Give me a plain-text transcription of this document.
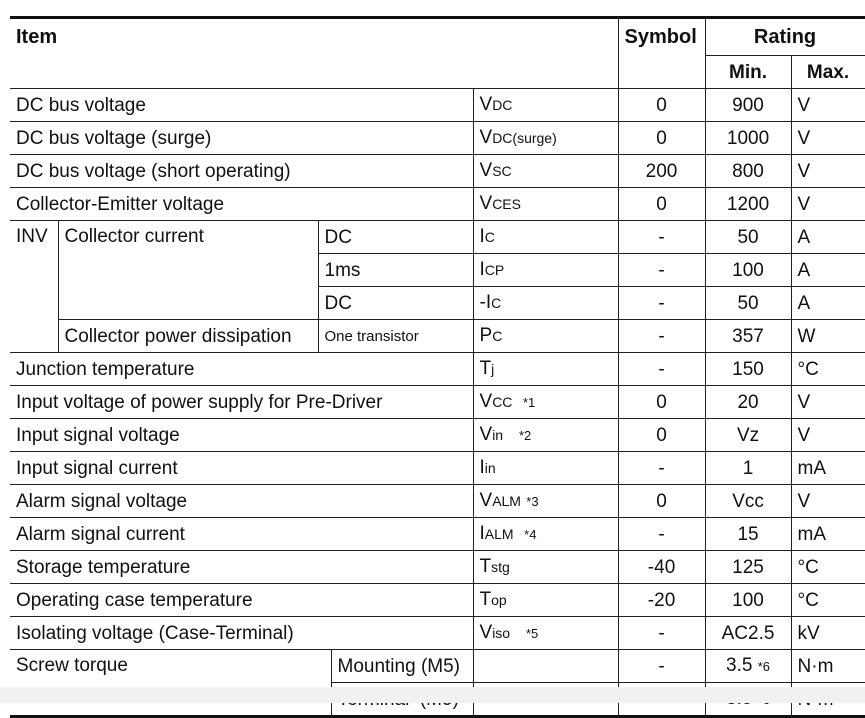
Item					Symbol	Rating	
						Min.	Max.	
DC bus voltage				VDC	0	900	V	
DC bus voltage (surge)				VDC(surge)	0	1000	V	
DC bus voltage (short operating)				VSC	200	800	V	
Collector-Emitter voltage				VCES	0	1200	V	
INV	Collector current	DC		IC	-	50	A	
		1ms		ICP	-	100	A	
		DC		-IC	-	50	A	
	Collector power dissipation	One transistor		PC	-	357	W	
Junction temperature				Tj	-	150	°C	
Input voltage of power supply for Pre-Driver				VCC *1	0	20	V	
Input signal voltage				Vin *2	0	Vz	V	
Input signal current				Iin	-	1	mA	
Alarm signal voltage				VALM *3	0	Vcc	V	
Alarm signal current				IALM *4	-	15	mA	
Storage temperature				Tstg	-40	125	°C	
Operating case temperature				Top	-20	100	°C	
Isolating voltage (Case-Terminal)				Viso *5	-	AC2.5	kV	
Screw torque			Mounting (M5)		-	3.5 *6	N·m	
